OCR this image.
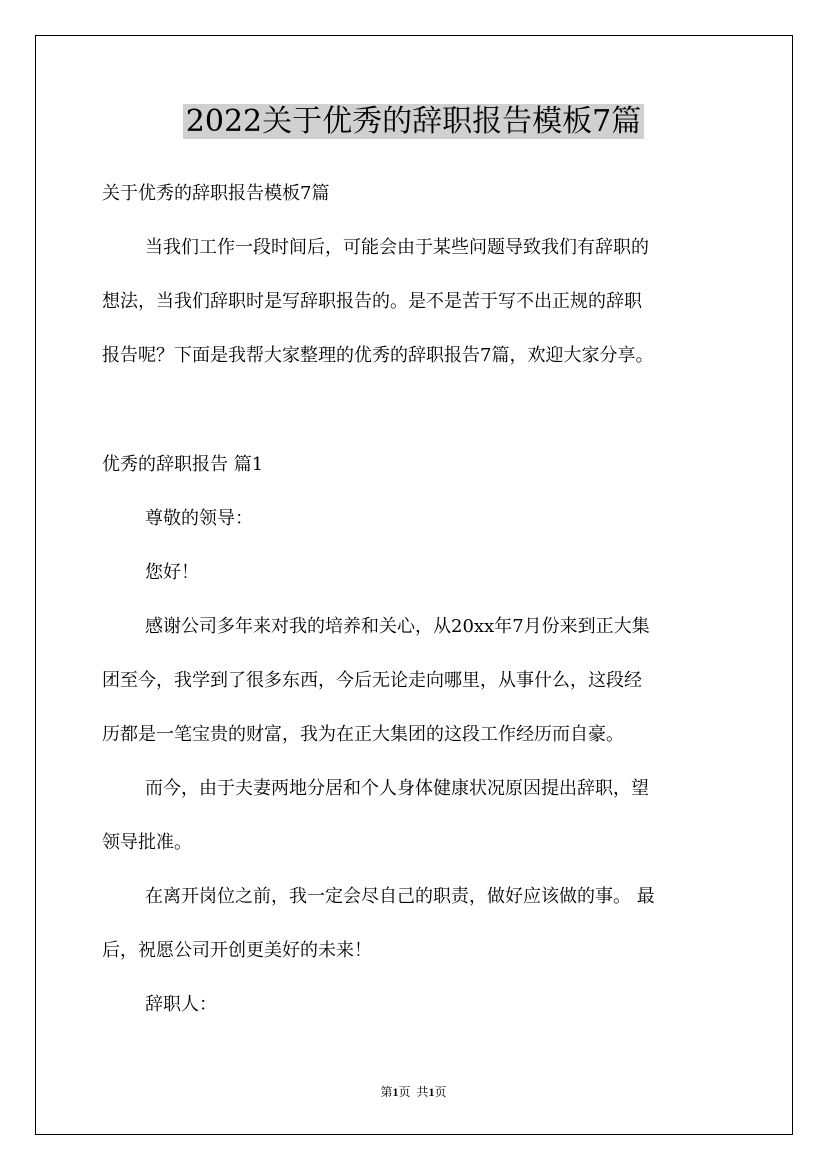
2022关于优秀的辞职报告模板7篇

关于优秀的辞职报告模板7篇

当我们工作一段时间后，可能会由于某些问题导致我们有辞职的

想法，当我们辞职时是写辞职报告的。是不是苦于写不出正规的辞职

报告呢？下面是我帮大家整理的优秀的辞职报告7篇，欢迎大家分享。

优秀的辞职报告 篇1

尊敬的领导：

您好！

感谢公司多年来对我的培养和关心，从20xx年7月份来到正大集

团至今，我学到了很多东西，今后无论走向哪里，从事什么，这段经

历都是一笔宝贵的财富，我为在正大集团的这段工作经历而自豪。

而今，由于夫妻两地分居和个人身体健康状况原因提出辞职，望

领导批准。

在离开岗位之前，我一定会尽自己的职责，做好应该做的事。 最

后，祝愿公司开创更美好的未来！

辞职人：

第1页 共1页
